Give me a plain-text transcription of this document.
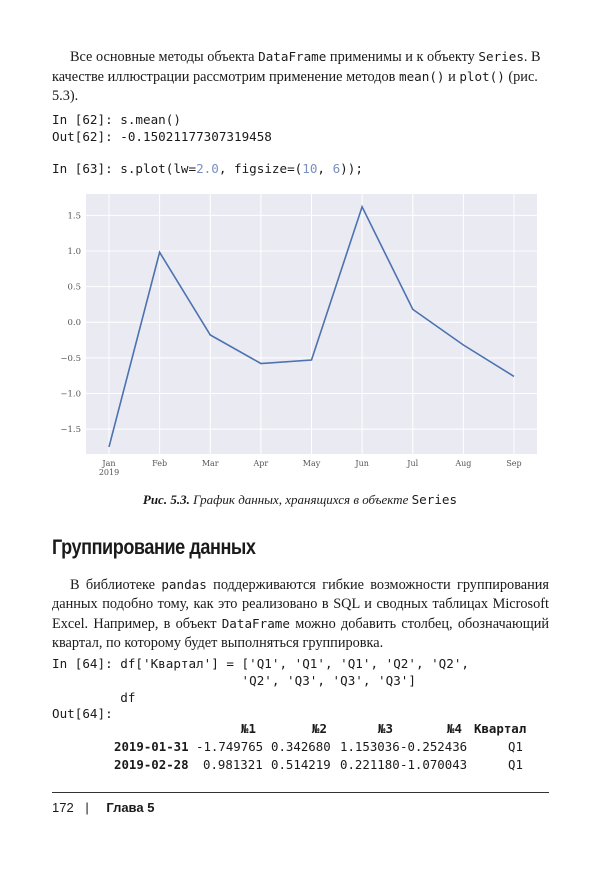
Все основные методы объекта DataFrame применимы и к объекту Series. В качестве иллюстрации рассмотрим применение методов mean() и plot() (рис. 5.3).

In [62]: s.mean()
Out[62]: -0.15021177307319458
In [63]: s.plot(lw=2.0, figsize=(10, 6));
1.5
1.0
0.5
0.0
−0.5
−1.0
−1.5
Jan
2019
Feb	Mar	Apr	May	Jun	Jul	Aug	Sep
Рис. 5.3. График данных, хранящихся в объекте Series
Группирование данных

В библиотеке pandas поддерживаются гибкие возможности группирования данных подобно тому, как это реализовано в SQL и сводных таблицах Microsoft Excel. Например, в объект DataFrame можно добавить столбец, обозначающий квартал, по которому будет выполняться группировка.

In [64]: df['Квартал'] = ['Q1', 'Q1', 'Q1', 'Q2', 'Q2',
'Q2', 'Q3', 'Q3', 'Q3']
df
Out[64]:
№1	№2	№3	№4 Квартал
2019-01-31 -1.749765 0.342680 1.153036 -0.252436	Q1
2019-02-28 0.981321 0.514219 0.221180 -1.070043	Q1
172 | Глава 5
